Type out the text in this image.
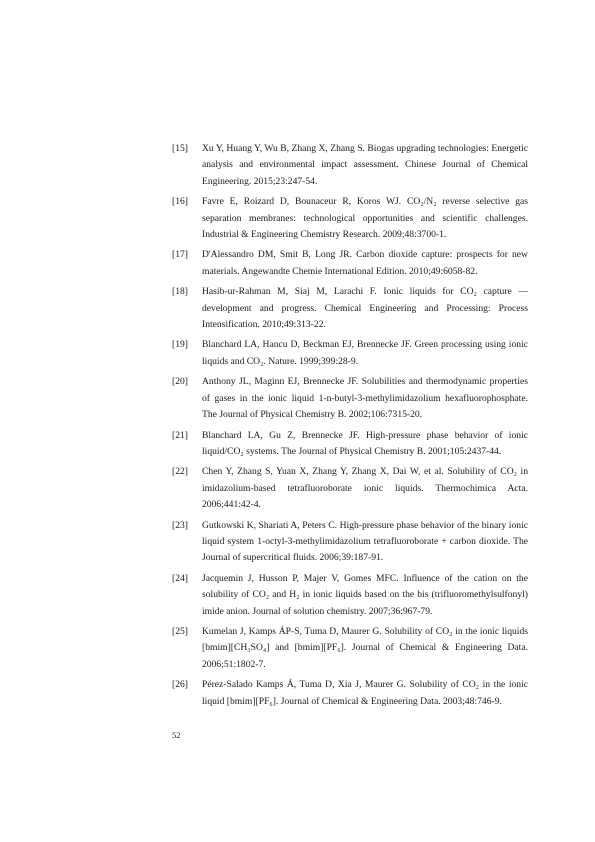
[15]	Xu Y, Huang Y, Wu B, Zhang X, Zhang S. Biogas upgrading technologies: Energetic analysis and environmental impact assessment. Chinese Journal of Chemical Engineering. 2015;23:247-54.
[16]	Favre E, Roizard D, Bounaceur R, Koros WJ. CO₂/N₂ reverse selective gas separation membranes: technological opportunities and scientific challenges. Industrial & Engineering Chemistry Research. 2009;48:3700-1.
[17]	D'Alessandro DM, Smit B, Long JR. Carbon dioxide capture: prospects for new materials. Angewandte Chemie International Edition. 2010;49:6058-82.
[18]	Hasib-ur-Rahman M, Siaj M, Larachi F. Ionic liquids for CO₂ capture — development and progress. Chemical Engineering and Processing: Process Intensification. 2010;49:313-22.
[19]	Blanchard LA, Hancu D, Beckman EJ, Brennecke JF. Green processing using ionic liquids and CO₂. Nature. 1999;399:28-9.
[20]	Anthony JL, Maginn EJ, Brennecke JF. Solubilities and thermodynamic properties of gases in the ionic liquid 1-n-butyl-3-methylimidazolium hexafluorophosphate. The Journal of Physical Chemistry B. 2002;106:7315-20.
[21]	Blanchard LA, Gu Z, Brennecke JF. High-pressure phase behavior of ionic liquid/CO₂ systems. The Journal of Physical Chemistry B. 2001;105:2437-44.
[22]	Chen Y, Zhang S, Yuan X, Zhang Y, Zhang X, Dai W, et al. Solubility of CO₂ in imidazolium-based tetrafluoroborate ionic liquids. Thermochimica Acta. 2006;441:42-4.
[23]	Gutkowski K, Shariati A, Peters C. High-pressure phase behavior of the binary ionic liquid system 1-octyl-3-methylimidazolium tetrafluoroborate + carbon dioxide. The Journal of supercritical fluids. 2006;39:187-91.
[24]	Jacquemin J, Husson P, Majer V, Gomes MFC. Influence of the cation on the solubility of CO₂ and H₂ in ionic liquids based on the bis (trifluoromethylsulfonyl) imide anion. Journal of solution chemistry. 2007;36:967-79.
[25]	Kumelan J, Kamps ÁP-S, Tuma D, Maurer G. Solubility of CO₂ in the ionic liquids [bmim][CH₃SO₄] and [bmim][PF₆]. Journal of Chemical & Engineering Data. 2006;51:1802-7.
[26]	Pérez-Salado Kamps Á, Tuma D, Xia J, Maurer G. Solubility of CO₂ in the ionic liquid [bmim][PF₆]. Journal of Chemical & Engineering Data. 2003;48:746-9.
52
